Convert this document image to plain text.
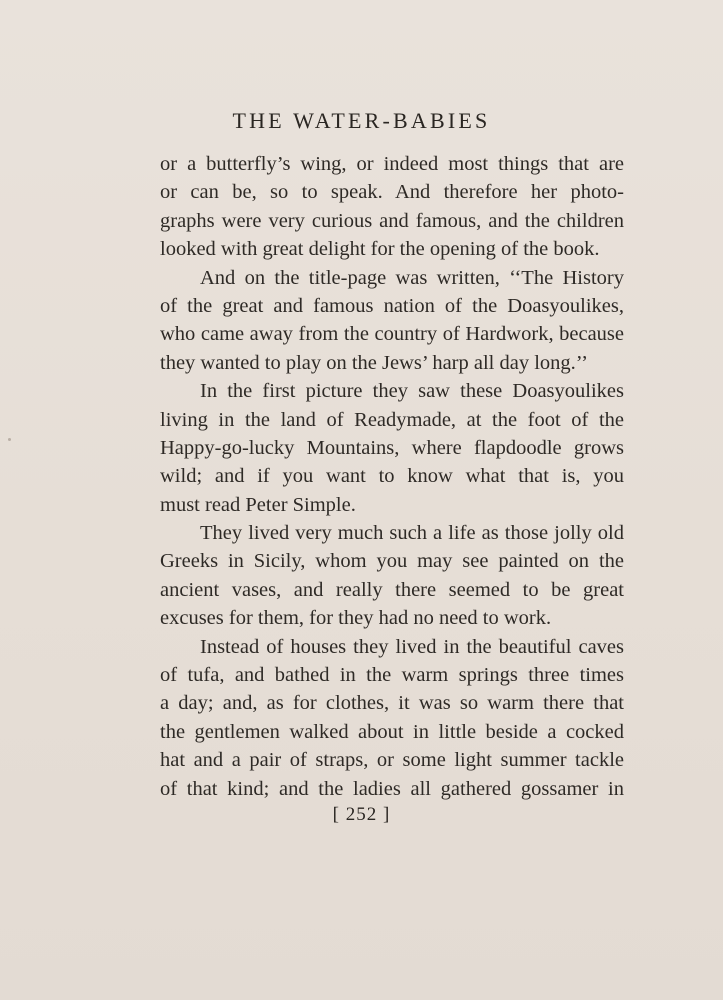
THE WATER-BABIES
or a butterfly’s wing, or indeed most things that are
or can be, so to speak. And therefore her photo-
graphs were very curious and famous, and the children
looked with great delight for the opening of the book.
And on the title-page was written, ‘‘The History
of the great and famous nation of the Doasyoulikes,
who came away from the country of Hardwork, because
they wanted to play on the Jews’ harp all day long.’’
In the first picture they saw these Doasyoulikes
living in the land of Readymade, at the foot of the
Happy-go-lucky Mountains, where flapdoodle grows
wild; and if you want to know what that is, you
must read Peter Simple.
They lived very much such a life as those jolly old
Greeks in Sicily, whom you may see painted on the
ancient vases, and really there seemed to be great
excuses for them, for they had no need to work.
Instead of houses they lived in the beautiful caves
of tufa, and bathed in the warm springs three times
a day; and, as for clothes, it was so warm there that
the gentlemen walked about in little beside a cocked
hat and a pair of straps, or some light summer tackle
of that kind; and the ladies all gathered gossamer in
[ 252 ]
